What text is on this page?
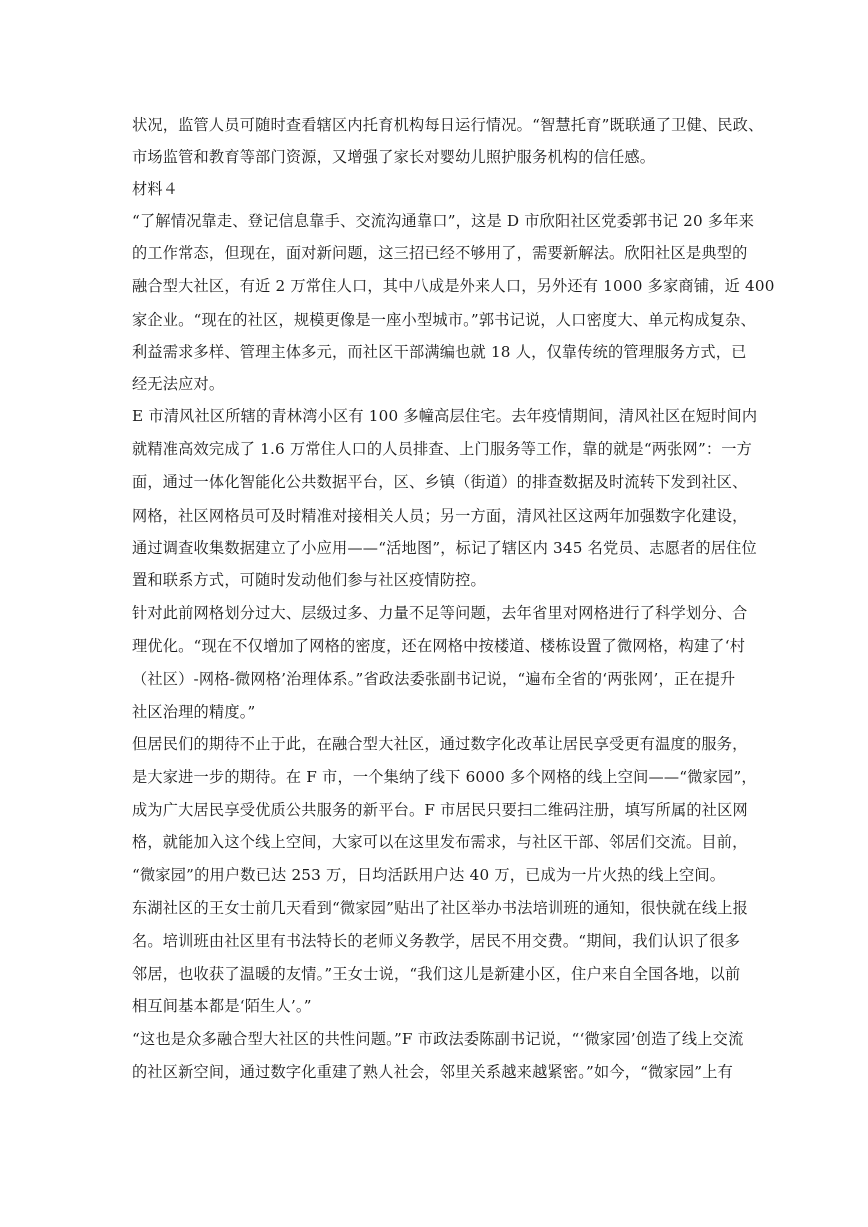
状况，监管人员可随时查看辖区内托育机构每日运行情况。“智慧托育”既联通了卫健、民政、
市场监管和教育等部门资源，又增强了家长对婴幼儿照护服务机构的信任感。
材料４
“了解情况靠走、登记信息靠手、交流沟通靠口”，这是 D 市欣阳社区党委郭书记 20 多年来
的工作常态，但现在，面对新问题，这三招已经不够用了，需要新解法。欣阳社区是典型的
融合型大社区，有近 2 万常住人口，其中八成是外来人口，另外还有 1000 多家商铺，近 400
家企业。“现在的社区，规模更像是一座小型城市。”郭书记说，人口密度大、单元构成复杂、
利益需求多样、管理主体多元，而社区干部满编也就 18 人，仅靠传统的管理服务方式，已
经无法应对。
E 市清风社区所辖的青林湾小区有 100 多幢高层住宅。去年疫情期间，清风社区在短时间内
就精准高效完成了 1.6 万常住人口的人员排查、上门服务等工作，靠的就是“两张网”：一方
面，通过一体化智能化公共数据平台，区、乡镇（街道）的排查数据及时流转下发到社区、
网格，社区网格员可及时精准对接相关人员；另一方面，清风社区这两年加强数字化建设，
通过调查收集数据建立了小应用——“活地图”，标记了辖区内 345 名党员、志愿者的居住位
置和联系方式，可随时发动他们参与社区疫情防控。
针对此前网格划分过大、层级过多、力量不足等问题，去年省里对网格进行了科学划分、合
理优化。“现在不仅增加了网格的密度，还在网格中按楼道、楼栋设置了微网格，构建了‘村
（社区）-网格-微网格’治理体系。”省政法委张副书记说，“遍布全省的‘两张网’，正在提升
社区治理的精度。”
但居民们的期待不止于此，在融合型大社区，通过数字化改革让居民享受更有温度的服务，
是大家进一步的期待。在 F 市，一个集纳了线下 6000 多个网格的线上空间——“微家园”，
成为广大居民享受优质公共服务的新平台。F 市居民只要扫二维码注册，填写所属的社区网
格，就能加入这个线上空间，大家可以在这里发布需求，与社区干部、邻居们交流。目前，
“微家园”的用户数已达 253 万，日均活跃用户达 40 万，已成为一片火热的线上空间。
东湖社区的王女士前几天看到“微家园”贴出了社区举办书法培训班的通知，很快就在线上报
名。培训班由社区里有书法特长的老师义务教学，居民不用交费。“期间，我们认识了很多
邻居，也收获了温暖的友情。”王女士说，“我们这儿是新建小区，住户来自全国各地，以前
相互间基本都是‘陌生人’。”
“这也是众多融合型大社区的共性问题。”F 市政法委陈副书记说，“‘微家园’创造了线上交流
的社区新空间，通过数字化重建了熟人社会，邻里关系越来越紧密。”如今，“微家园”上有
